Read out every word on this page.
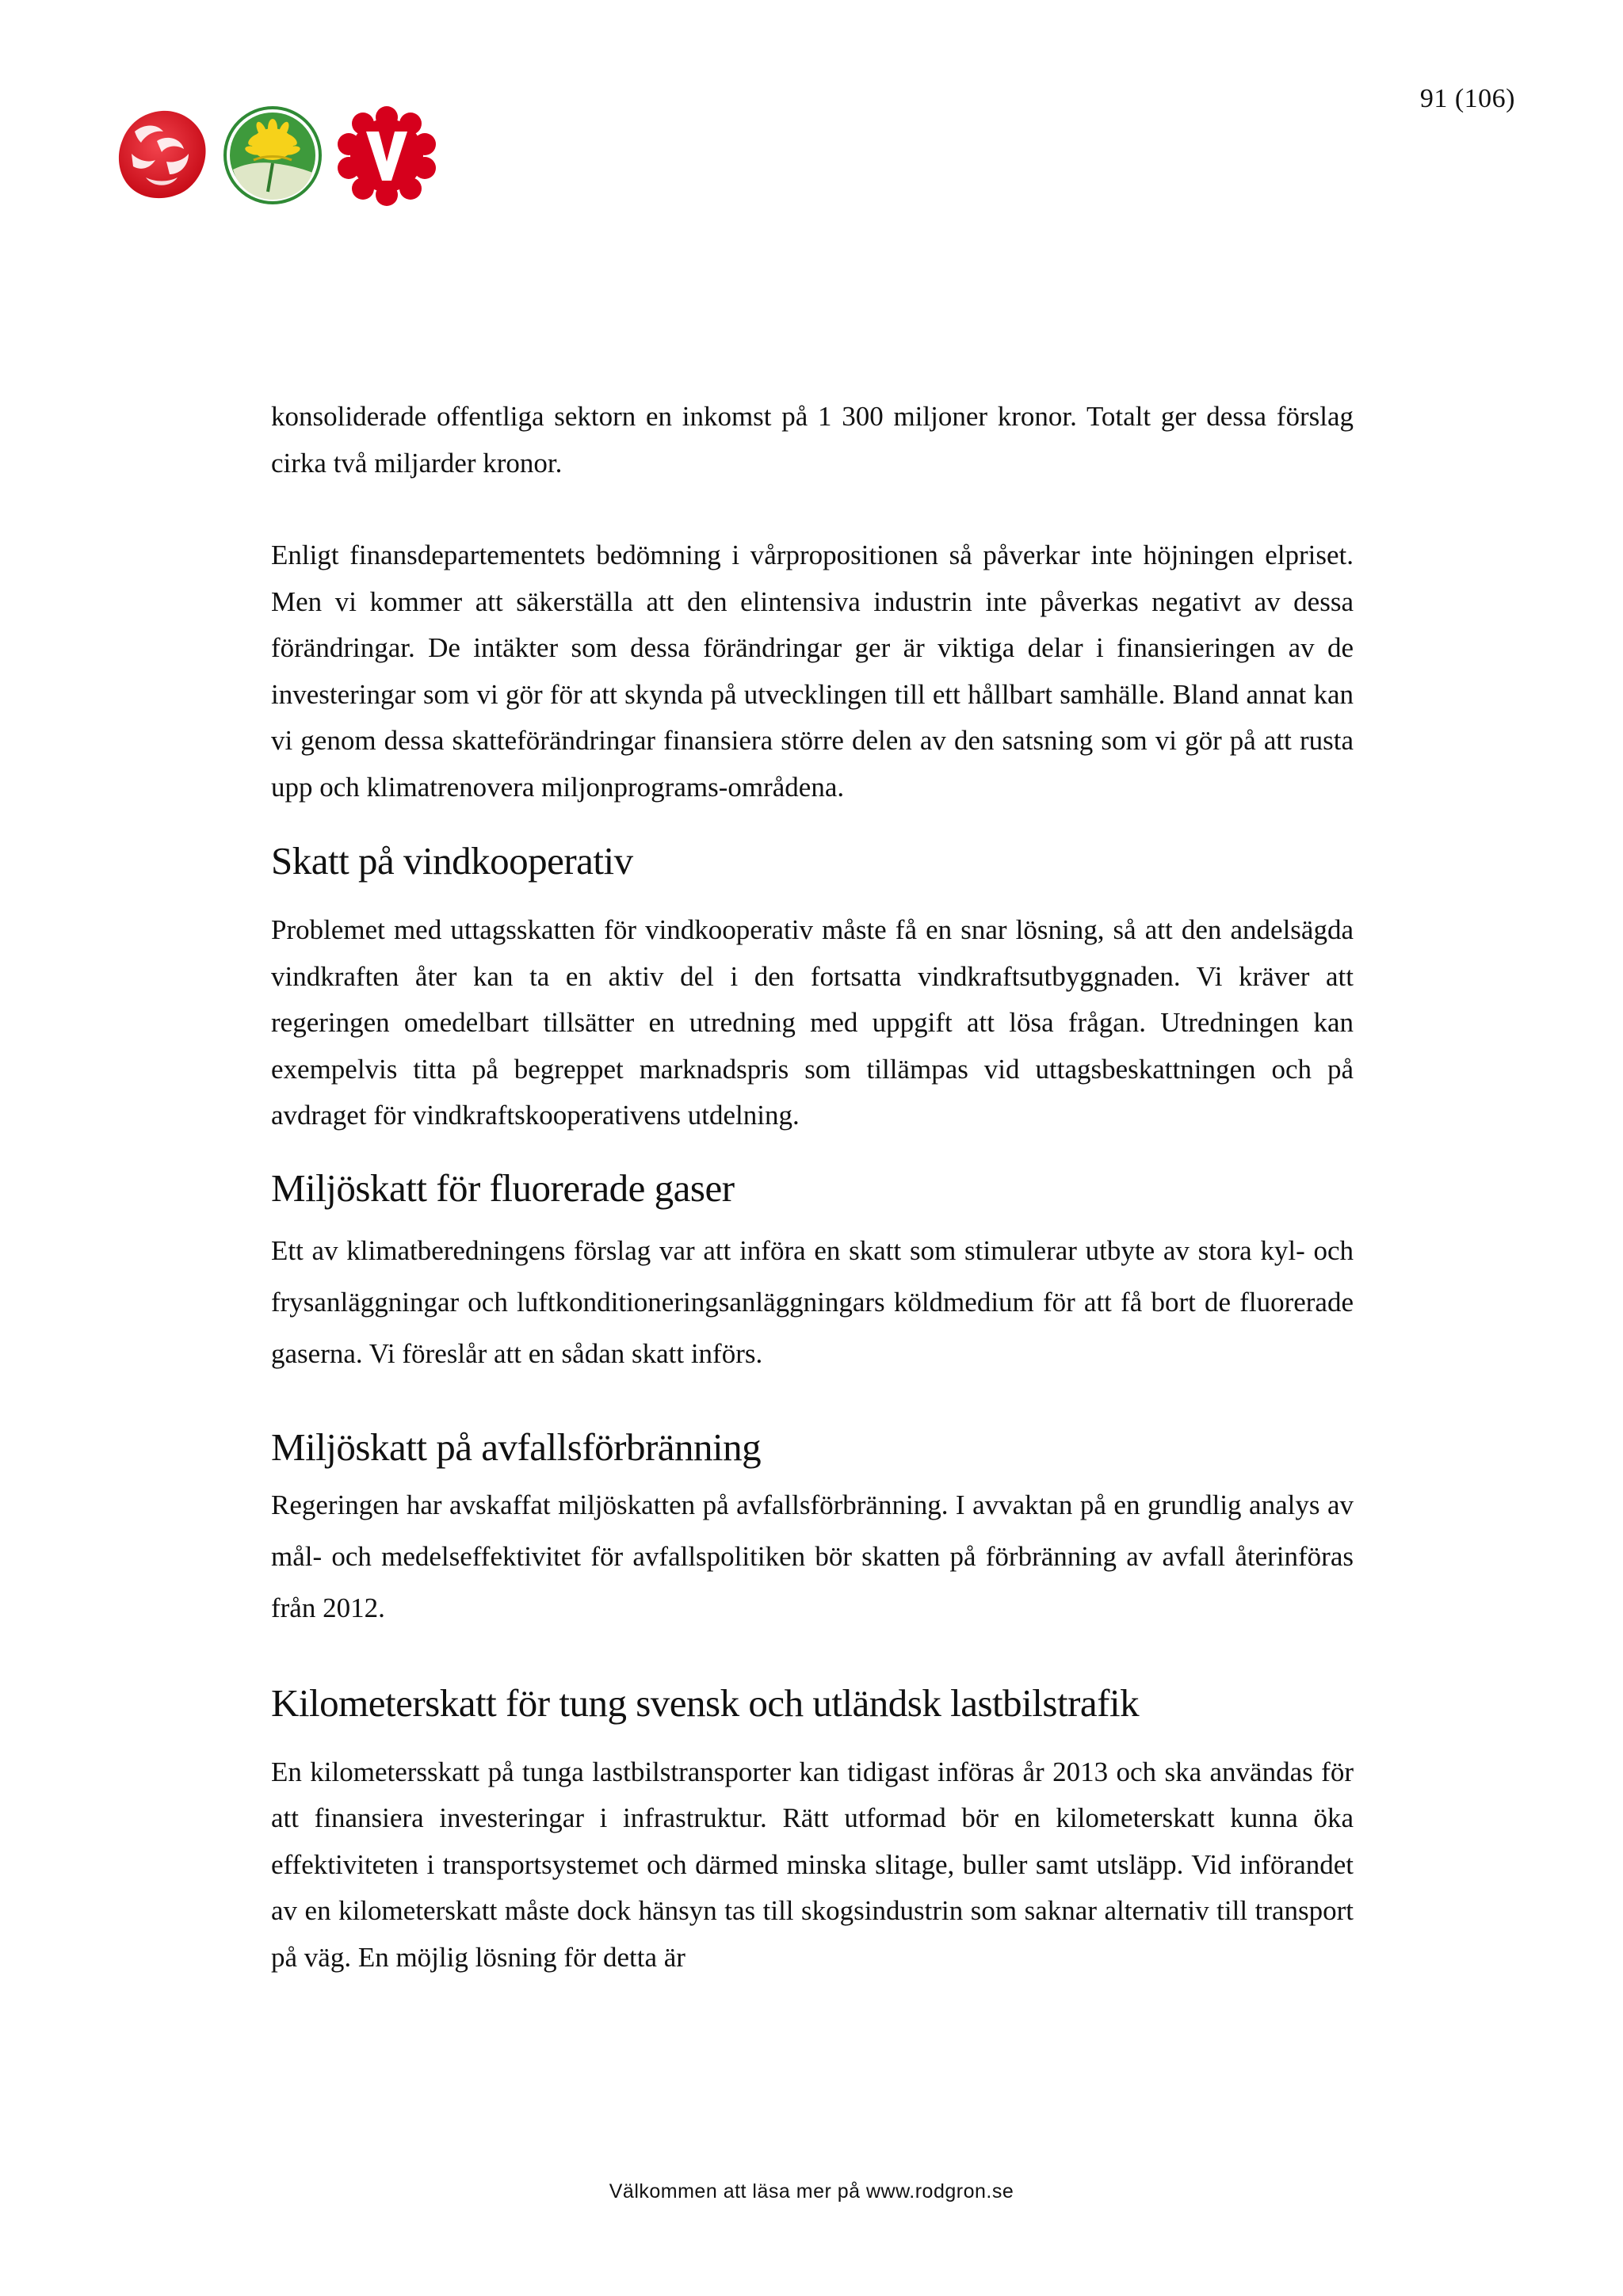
91 (106)

konsoliderade offentliga sektorn en inkomst på 1 300 miljoner kronor. Totalt ger dessa förslag cirka två miljarder kronor.

Enligt finansdepartementets bedömning i vårpropositionen så påverkar inte höjningen elpriset. Men vi kommer att säkerställa att den elintensiva industrin inte påverkas negativt av dessa förändringar. De intäkter som dessa förändringar ger är viktiga delar i finansieringen av de investeringar som vi gör för att skynda på utvecklingen till ett hållbart samhälle. Bland annat kan vi genom dessa skatteförändringar finansiera större delen av den satsning som vi gör på att rusta upp och klimatrenovera miljonprograms-områdena.

Skatt på vindkooperativ

Problemet med uttagsskatten för vindkooperativ måste få en snar lösning, så att den andelsägda vindkraften åter kan ta en aktiv del i den fortsatta vindkraftsutbyggnaden. Vi kräver att regeringen omedelbart tillsätter en utredning med uppgift att lösa frågan. Utredningen kan exempelvis titta på begreppet marknadspris som tillämpas vid uttagsbeskattningen och på avdraget för vindkraftskooperativens utdelning.

Miljöskatt för fluorerade gaser

Ett av klimatberedningens förslag var att införa en skatt som stimulerar utbyte av stora kyl- och frysanläggningar och luftkonditioneringsanläggningars köldmedium för att få bort de fluorerade gaserna. Vi föreslår att en sådan skatt införs.

Miljöskatt på avfallsförbränning

Regeringen har avskaffat miljöskatten på avfallsförbränning. I avvaktan på en grundlig analys av mål- och medelseffektivitet för avfallspolitiken bör skatten på förbränning av avfall återinföras från 2012.

Kilometerskatt för tung svensk och utländsk lastbilstrafik

En kilometersskatt på tunga lastbilstransporter kan tidigast införas år 2013 och ska användas för att finansiera investeringar i infrastruktur. Rätt utformad bör en kilometerskatt kunna öka effektiviteten i transportsystemet och därmed minska slitage, buller samt utsläpp. Vid införandet av en kilometerskatt måste dock hänsyn tas till skogsindustrin som saknar alternativ till transport på väg. En möjlig lösning för detta är

Välkommen att läsa mer på www.rodgron.se
